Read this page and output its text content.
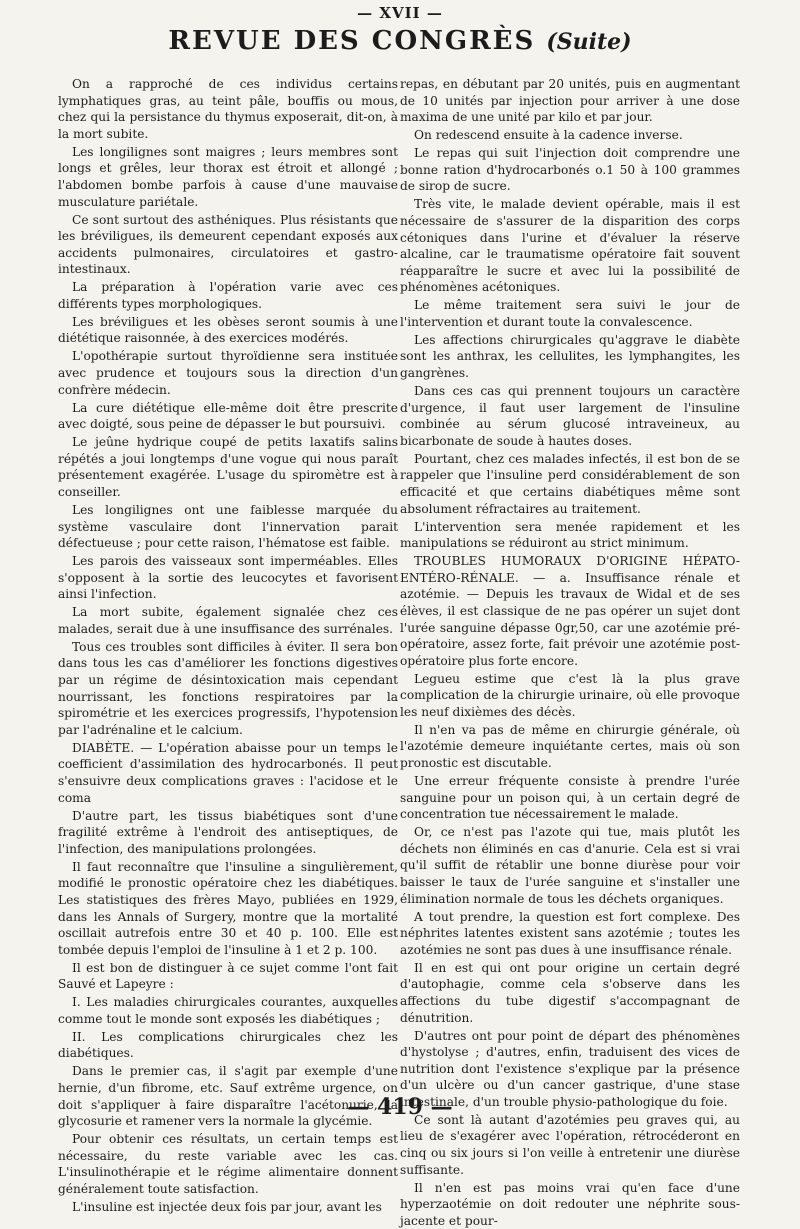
— XVII —
REVUE DES CONGRÈS (Suite)

On a rapproché de ces individus certains lymphatiques gras, au teint pâle, bouffis ou mous, chez qui la persistance du thymus exposerait, dit-on, à la mort subite.

Les longilignes sont maigres ; leurs membres sont longs et grêles, leur thorax est étroit et allongé ; l'abdomen bombe parfois à cause d'une mauvaise musculature pariétale.

Ce sont surtout des asthéniques. Plus résistants que les bréviligues, ils demeurent cependant exposés aux accidents pulmonaires, circulatoires et gastro-intestinaux.

La préparation à l'opération varie avec ces différents types morphologiques.

Les bréviligues et les obèses seront soumis à une diététique raisonnée, à des exercices modérés.

L'opothérapie surtout thyroïdienne sera instituée avec prudence et toujours sous la direction d'un confrère médecin.

La cure diététique elle-même doit être prescrite avec doigté, sous peine de dépasser le but poursuivi.

Le jeûne hydrique coupé de petits laxatifs salins répétés a joui longtemps d'une vogue qui nous paraît présentement exagérée. L'usage du spiromètre est à conseiller.

Les longilignes ont une faiblesse marquée du système vasculaire dont l'innervation parait défectueuse ; pour cette raison, l'hématose est faible.

Les parois des vaisseaux sont imperméables. Elles s'opposent à la sortie des leucocytes et favorisent ainsi l'infection.

La mort subite, également signalée chez ces malades, serait due à une insuffisance des surrénales.

Tous ces troubles sont difficiles à éviter. Il sera bon dans tous les cas d'améliorer les fonctions digestives par un régime de désintoxication mais cependant nourrissant, les fonctions respiratoires par la spirométrie et les exercices progressifs, l'hypotension par l'adrénaline et le calcium.

DIABÈTE. — L'opération abaisse pour un temps le coefficient d'assimilation des hydrocarbonés. Il peut s'ensuivre deux complications graves : l'acidose et le coma

D'autre part, les tissus biabétiques sont d'une fragilité extrême à l'endroit des antiseptiques, de l'infection, des manipulations prolongées.

Il faut reconnaître que l'insuline a singulièrement, modifié le pronostic opératoire chez les diabétiques. Les statistiques des frères Mayo, publiées en 1929, dans les Annals of Surgery, montre que la mortalité oscillait autrefois entre 30 et 40 p. 100. Elle est tombée depuis l'emploi de l'insuline à 1 et 2 p. 100.

Il est bon de distinguer à ce sujet comme l'ont fait Sauvé et Lapeyre :

I. Les maladies chirurgicales courantes, auxquelles comme tout le monde sont exposés les diabétiques ;

II. Les complications chirurgicales chez les diabétiques.

Dans le premier cas, il s'agit par exemple d'une hernie, d'un fibrome, etc. Sauf extrême urgence, on doit s'appliquer à faire disparaître l'acétonurie, la glycosurie et ramener vers la normale la glycémie.

Pour obtenir ces résultats, un certain temps est nécessaire, du reste variable avec les cas. L'insulinothérapie et le régime alimentaire donnent généralement toute satisfaction.

L'insuline est injectée deux fois par jour, avant les

repas, en débutant par 20 unités, puis en augmentant de 10 unités par injection pour arriver à une dose maxima de une unité par kilo et par jour.

On redescend ensuite à la cadence inverse.

Le repas qui suit l'injection doit comprendre une bonne ration d'hydrocarbonés o.1 50 à 100 grammes de sirop de sucre.

Très vite, le malade devient opérable, mais il est nécessaire de s'assurer de la disparition des corps cétoniques dans l'urine et d'évaluer la réserve alcaline, car le traumatisme opératoire fait souvent réapparaître le sucre et avec lui la possibilité de phénomènes acétoniques.

Le même traitement sera suivi le jour de l'intervention et durant toute la convalescence.

Les affections chirurgicales qu'aggrave le diabète sont les anthrax, les cellulites, les lymphangites, les gangrènes.

Dans ces cas qui prennent toujours un caractère d'urgence, il faut user largement de l'insuline combinée au sérum glucosé intraveineux, au bicarbonate de soude à hautes doses.

Pourtant, chez ces malades infectés, il est bon de se rappeler que l'insuline perd considérablement de son efficacité et que certains diabétiques même sont absolument réfractaires au traitement.

L'intervention sera menée rapidement et les manipulations se réduiront au strict minimum.

TROUBLES HUMORAUX D'ORIGINE HÉPATO-ENTÉRO-RÉNALE. — a. Insuffisance rénale et azotémie. — Depuis les travaux de Widal et de ses élèves, il est classique de ne pas opérer un sujet dont l'urée sanguine dépasse 0gr,50, car une azotémie pré-opératoire, assez forte, fait prévoir une azotémie post-opératoire plus forte encore.

Legueu estime que c'est là la plus grave complication de la chirurgie urinaire, où elle provoque les neuf dixièmes des décès.

Il n'en va pas de même en chirurgie générale, où l'azotémie demeure inquiétante certes, mais où son pronostic est discutable.

Une erreur fréquente consiste à prendre l'urée sanguine pour un poison qui, à un certain degré de concentration tue nécessairement le malade.

Or, ce n'est pas l'azote qui tue, mais plutôt les déchets non éliminés en cas d'anurie. Cela est si vrai qu'il suffit de rétablir une bonne diurèse pour voir baisser le taux de l'urée sanguine et s'installer une élimination normale de tous les déchets organiques.

A tout prendre, la question est fort complexe. Des néphrites latentes existent sans azotémie ; toutes les azotémies ne sont pas dues à une insuffisance rénale.

Il en est qui ont pour origine un certain degré d'autophagie, comme cela s'observe dans les affections du tube digestif s'accompagnant de dénutrition.

D'autres ont pour point de départ des phénomènes d'hystolyse ; d'autres, enfin, traduisent des vices de nutrition dont l'existence s'explique par la présence d'un ulcère ou d'un cancer gastrique, d'une stase intestinale, d'un trouble physio-pathologique du foie.

Ce sont là autant d'azotémies peu graves qui, au lieu de s'exagérer avec l'opération, rétrocéderont en cinq ou six jours si l'on veille à entretenir une diurèse suffisante.

Il n'en est pas moins vrai qu'en face d'une hyperzaotémie on doit redouter une néphrite sous-jacente et pour-

— 419 —
